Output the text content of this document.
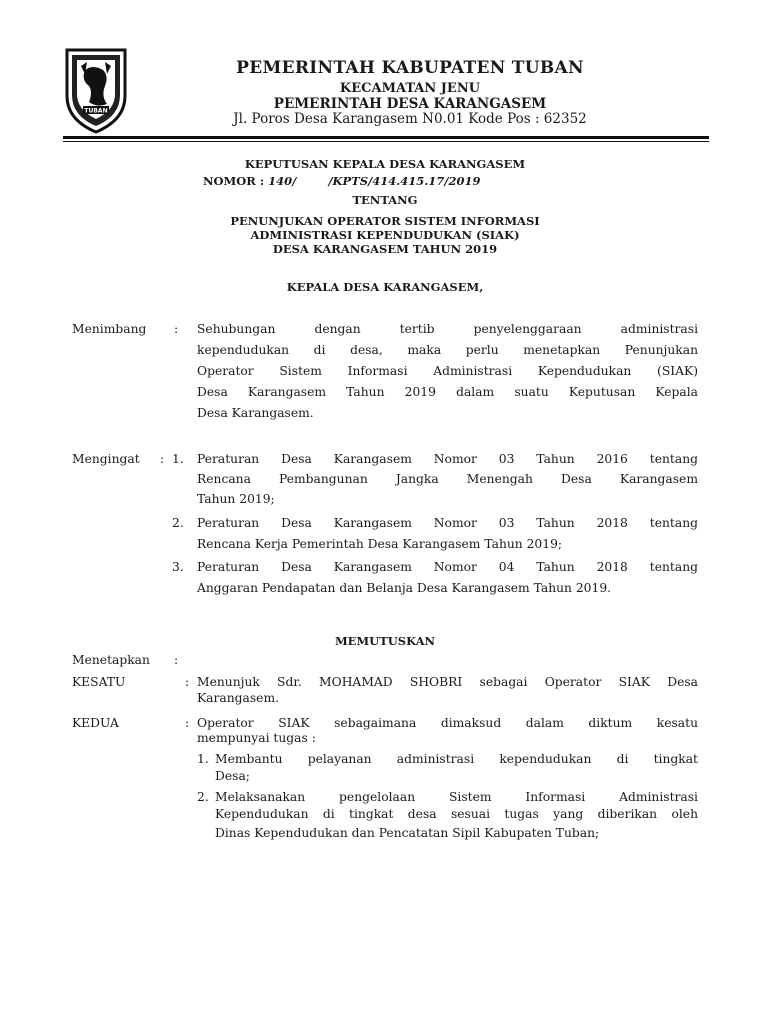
TUBAN
PEMERINTAH KABUPATEN TUBAN
KECAMATAN JENU
PEMERINTAH DESA KARANGASEM
Jl. Poros Desa Karangasem N0.01 Kode Pos : 62352
KEPUTUSAN KEPALA DESA KARANGASEM
NOMOR : 140/        /KPTS/414.415.17/2019
TENTANG
PENUNJUKAN OPERATOR SISTEM INFORMASI
ADMINISTRASI KEPENDUDUKAN (SIAK)
DESA KARANGASEM TAHUN 2019
KEPALA DESA KARANGASEM,
Menimbang : Sehubungan dengan tertib penyelenggaraan administrasi
kependudukan di desa, maka perlu menetapkan Penunjukan
Operator Sistem Informasi Administrasi Kependudukan (SIAK)
Desa Karangasem Tahun 2019 dalam suatu Keputusan Kepala
Desa Karangasem.
Mengingat : 1. Peraturan Desa Karangasem Nomor 03 Tahun 2016 tentang
Rencana Pembangunan Jangka Menengah Desa Karangasem
Tahun 2019;
2. Peraturan Desa Karangasem Nomor 03 Tahun 2018 tentang
Rencana Kerja Pemerintah Desa Karangasem Tahun 2019;
3. Peraturan Desa Karangasem Nomor 04 Tahun 2018 tentang
Anggaran Pendapatan dan Belanja Desa Karangasem Tahun 2019.
MEMUTUSKAN
Menetapkan :
KESATU	: Menunjuk Sdr. MOHAMAD SHOBRI sebagai Operator SIAK Desa
Karangasem.
KEDUA	: Operator SIAK sebagaimana dimaksud dalam diktum kesatu
mempunyai tugas :
1. Membantu pelayanan administrasi kependudukan di tingkat
Desa;
2. Melaksanakan pengelolaan Sistem Informasi Administrasi
Kependudukan di tingkat desa sesuai tugas yang diberikan oleh
Dinas Kependudukan dan Pencatatan Sipil Kabupaten Tuban;
